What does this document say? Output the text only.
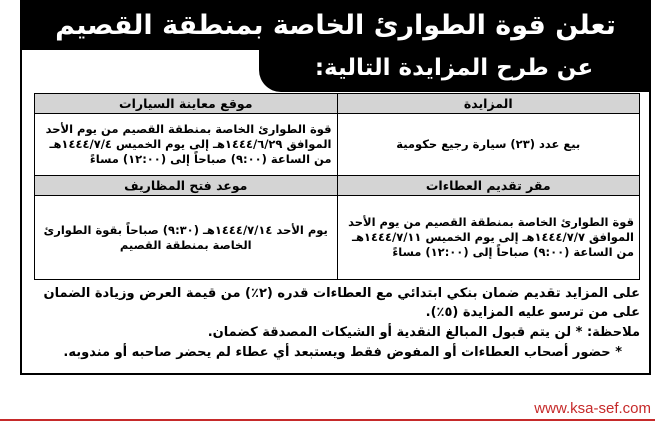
تعلن قوة الطوارئ الخاصة بمنطقة القصيم
عن طرح المزايدة التالية:
المزايدة	موقع معاينة السيارات
بيع عدد (٢٣) سيارة رجيع حكومية	قوة الطوارئ الخاصة بمنطقة القصيم من يوم الأحد الموافق ١٤٤٤/٦/٢٩هـ إلى يوم الخميس ١٤٤٤/٧/٤هـ من الساعة (٩:٠٠) صباحاً إلى (١٢:٠٠) مساءً
مقر تقديم العطاءات	موعد فتح المظاريف
قوة الطوارئ الخاصة بمنطقة القصيم من يوم الأحد الموافق ١٤٤٤/٧/٧هـ إلى يوم الخميس ١٤٤٤/٧/١١هـ من الساعة (٩:٠٠) صباحاً إلى (١٢:٠٠) مساءً	يوم الأحد ١٤٤٤/٧/١٤هـ (٩:٣٠) صباحاً بقوة الطوارئ الخاصة بمنطقة القصيم

على المزايد تقديم ضمان بنكي ابتدائي مع العطاءات قدره (٢٪) من قيمة العرض وزيادة الضمان على من ترسو عليه المزايدة (٥٪).

ملاحظة: * لن يتم قبول المبالغ النقدية أو الشيكات المصدقة كضمان.

* حضور أصحاب العطاءات أو المفوض فقط ويستبعد أي عطاء لم يحضر صاحبه أو مندوبه.

www.ksa-sef.com
